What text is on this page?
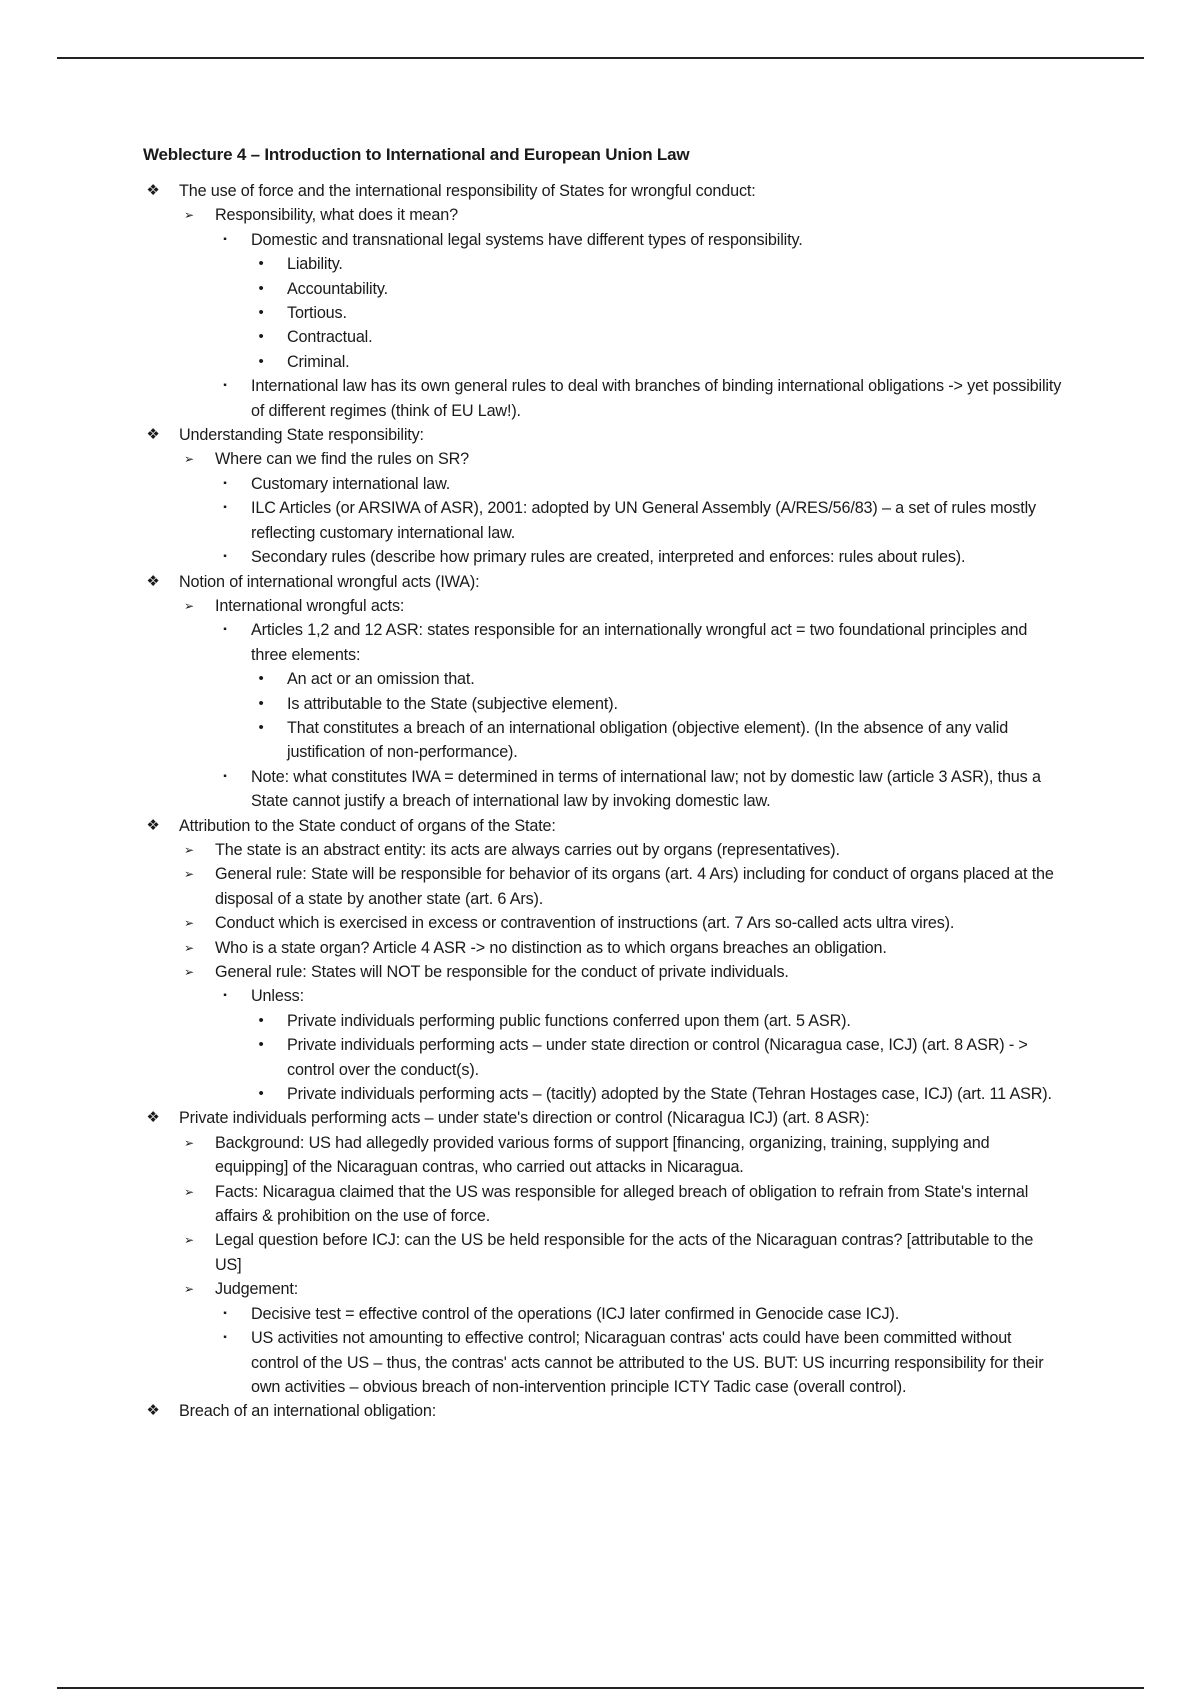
Weblecture 4 – Introduction to International and European Union Law
❖ The use of force and the international responsibility of States for wrongful conduct:
➢	Responsibility, what does it mean?
▪	Domestic and transnational legal systems have different types of responsibility.
•	Liability.
•	Accountability.
•	Tortious.
•	Contractual.
•	Criminal.
▪	International law has its own general rules to deal with branches of binding international obligations -> yet possibility of different regimes (think of EU Law!).
❖ Understanding State responsibility:
➢	Where can we find the rules on SR?
▪	Customary international law.
▪	ILC Articles (or ARSIWA of ASR), 2001: adopted by UN General Assembly (A/RES/56/83) – a set of rules mostly reflecting customary international law.
▪	Secondary rules (describe how primary rules are created, interpreted and enforces: rules about rules).
❖ Notion of international wrongful acts (IWA):
➢	International wrongful acts:
▪	Articles 1,2 and 12 ASR: states responsible for an internationally wrongful act = two foundational principles and three elements:
•	An act or an omission that.
•	Is attributable to the State (subjective element).
•	That constitutes a breach of an international obligation (objective element). (In the absence of any valid justification of non-performance).
▪	Note: what constitutes IWA = determined in terms of international law; not by domestic law (article 3 ASR), thus a State cannot justify a breach of international law by invoking domestic law.
❖ Attribution to the State conduct of organs of the State:
➢	The state is an abstract entity: its acts are always carries out by organs (representatives).
➢	General rule: State will be responsible for behavior of its organs (art. 4 Ars) including for conduct of organs placed at the disposal of a state by another state (art. 6 Ars).
➢	Conduct which is exercised in excess or contravention of instructions (art. 7 Ars so-called acts ultra vires).
➢	Who is a state organ? Article 4 ASR -> no distinction as to which organs breaches an obligation.
➢	General rule: States will NOT be responsible for the conduct of private individuals.
▪	Unless:
•	Private individuals performing public functions conferred upon them (art. 5 ASR).
•	Private individuals performing acts – under state direction or control (Nicaragua case, ICJ) (art. 8 ASR) - > control over the conduct(s).
•	Private individuals performing acts – (tacitly) adopted by the State (Tehran Hostages case, ICJ) (art. 11 ASR).
❖ Private individuals performing acts – under state's direction or control (Nicaragua ICJ) (art. 8 ASR):
➢	Background: US had allegedly provided various forms of support [financing, organizing, training, supplying and equipping] of the Nicaraguan contras, who carried out attacks in Nicaragua.
➢	Facts: Nicaragua claimed that the US was responsible for alleged breach of obligation to refrain from State's internal affairs & prohibition on the use of force.
➢	Legal question before ICJ: can the US be held responsible for the acts of the Nicaraguan contras? [attributable to the US]
➢	Judgement:
▪	Decisive test = effective control of the operations (ICJ later confirmed in Genocide case ICJ).
▪	US activities not amounting to effective control; Nicaraguan contras' acts could have been committed without control of the US – thus, the contras' acts cannot be attributed to the US. BUT: US incurring responsibility for their own activities – obvious breach of non-intervention principle ICTY Tadic case (overall control).
❖ Breach of an international obligation:
